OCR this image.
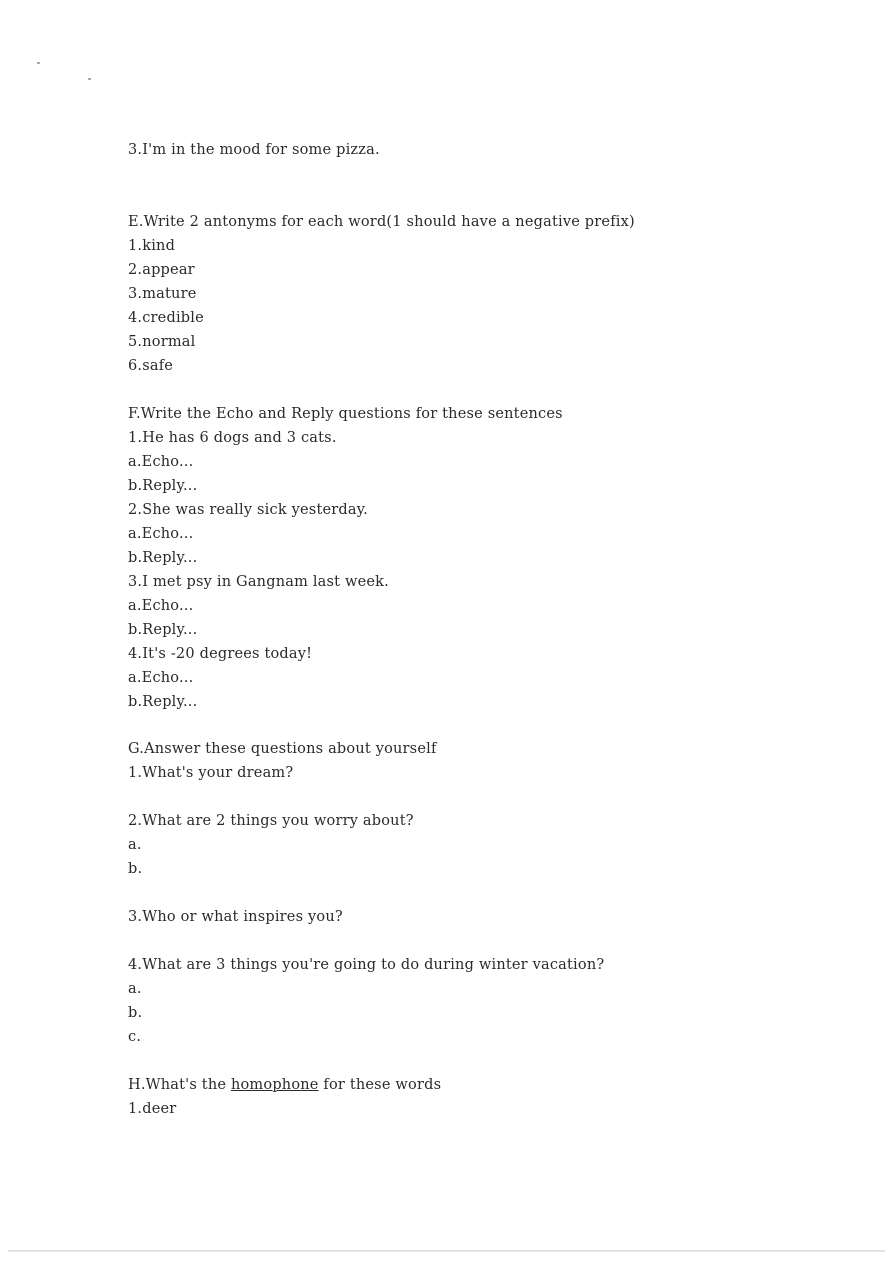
3.I'm in the mood for some pizza.
E.Write 2 antonyms for each word(1 should have a negative prefix)
1.kind
2.appear
3.mature
4.credible
5.normal
6.safe
F.Write the Echo and Reply questions for these sentences
1.He has 6 dogs and 3 cats.
a.Echo...
b.Reply...
2.She was really sick yesterday.
a.Echo...
b.Reply...
3.I met psy in Gangnam last week.
a.Echo...
b.Reply...
4.It's -20 degrees today!
a.Echo...
b.Reply...
G.Answer these questions about yourself
1.What's your dream?
2.What are 2 things you worry about?
a.
b.
3.Who or what inspires you?
4.What are 3 things you're going to do during winter vacation?
a.
b.
c.
H.What's the homophone for these words
1.deer
